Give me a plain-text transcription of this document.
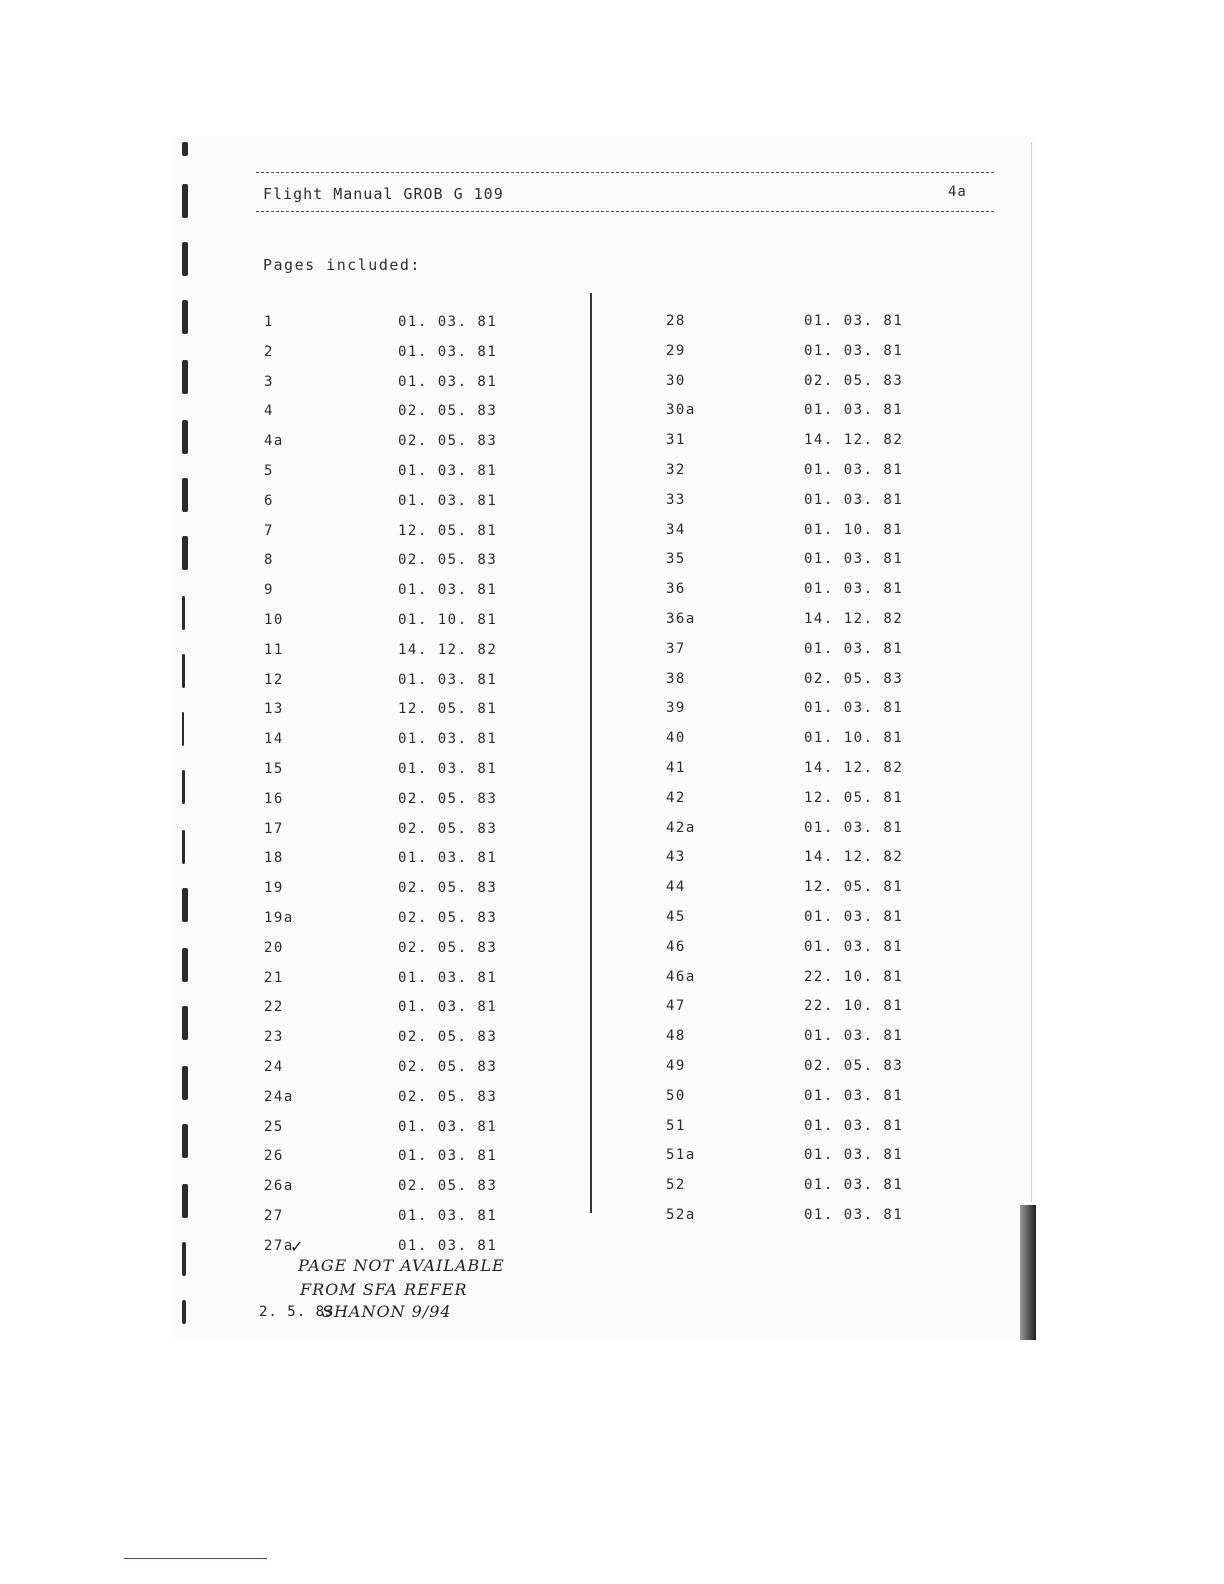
Flight Manual GROB G 109	4a
Pages included:
1	01. 03. 81
2	01. 03. 81
3	01. 03. 81
4	02. 05. 83
4a	02. 05. 83
5	01. 03. 81
6	01. 03. 81
7	12. 05. 81
8	02. 05. 83
9	01. 03. 81
10	01. 10. 81
11	14. 12. 82
12	01. 03. 81
13	12. 05. 81
14	01. 03. 81
15	01. 03. 81
16	02. 05. 83
17	02. 05. 83
18	01. 03. 81
19	02. 05. 83
19a	02. 05. 83
20	02. 05. 83
21	01. 03. 81
22	01. 03. 81
23	02. 05. 83
24	02. 05. 83
24a	02. 05. 83
25	01. 03. 81
26	01. 03. 81
26a	02. 05. 83
27	01. 03. 81
27a	01. 03. 81
28	01. 03. 81
29	01. 03. 81
30	02. 05. 83
30a	01. 03. 81
31	14. 12. 82
32	01. 03. 81
33	01. 03. 81
34	01. 10. 81
35	01. 03. 81
36	01. 03. 81
36a	14. 12. 82
37	01. 03. 81
38	02. 05. 83
39	01. 03. 81
40	01. 10. 81
41	14. 12. 82
42	12. 05. 81
42a	01. 03. 81
43	14. 12. 82
44	12. 05. 81
45	01. 03. 81
46	01. 03. 81
46a	22. 10. 81
47	22. 10. 81
48	01. 03. 81
49	02. 05. 83
50	01. 03. 81
51	01. 03. 81
51a	01. 03. 81
52	01. 03. 81
52a	01. 03. 81
✓
PAGE NOT AVAILABLE
FROM SFA REFER
2. 5. 83
SHANON 9/94
